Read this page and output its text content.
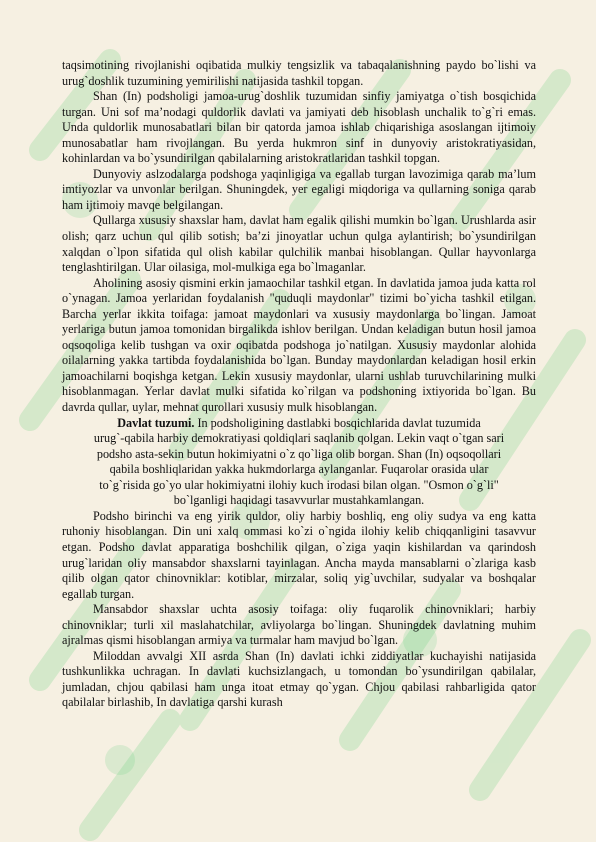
taqsimotining rivojlanishi oqibatida mulkiy tengsizlik va tabaqalanishning paydo bo`lishi va urug`doshlik tuzumining yemirilishi natijasida tashkil topgan.

Shan (In) podsholigi jamoa-urug`doshlik tuzumidan sinfiy jamiyatga o`tish bosqichida turgan. Uni sof ma’nodagi quldorlik davlati va jamiyati deb hisoblash unchalik to`g`ri emas. Unda quldorlik munosabatlari bilan bir qatorda jamoa ishlab chiqarishiga asoslangan ijtimoiy munosabatlar ham rivojlangan. Bu yerda hukmron sinf in dunyoviy aristokratiyasidan, kohinlardan va bo`ysundirilgan qabilalarning aristokratlaridan tashkil topgan.

Dunyoviy aslzodalarga podshoga yaqinligiga va egallab turgan lavozimiga qarab ma’lum imtiyozlar va unvonlar berilgan. Shuningdek, yer egaligi miqdoriga va qullarning soniga qarab ham ijtimoiy mavqe belgilangan.

Qullarga xususiy shaxslar ham, davlat ham egalik qilishi mumkin bo`lgan. Urushlarda asir olish; qarz uchun qul qilib sotish; ba’zi jinoyatlar uchun qulga aylantirish; bo`ysundirilgan xalqdan o`lpon sifatida qul olish kabilar qulchilik manbai hisoblangan. Qullar hayvonlarga tenglashtirilgan. Ular oilasiga, mol-mulkiga ega bo`lmaganlar.

Aholining asosiy qismini erkin jamaochilar tashkil etgan. In davlatida jamoa juda katta rol o`ynagan. Jamoa yerlaridan foydalanish "quduqli maydonlar" tizimi bo`yicha tashkil etilgan. Barcha yerlar ikkita toifaga: jamoat maydonlari va xususiy maydonlarga bo`lingan. Jamoat yerlariga butun jamoa tomonidan birgalikda ishlov berilgan. Undan keladigan butun hosil jamoa oqsoqoliga kelib tushgan va oxir oqibatda podshoga jo`natilgan. Xususiy maydonlar alohida oilalarning yakka tartibda foydalanishida bo`lgan. Bunday maydonlardan keladigan hosil erkin jamoachilarni boqishga ketgan. Lekin xususiy maydonlar, ularni ushlab turuvchilarining mulki hisoblanmagan. Yerlar davlat mulki sifatida ko`rilgan va podshoning ixtiyorida bo`lgan. Bu davrda qullar, uylar, mehnat qurollari xususiy mulk hisoblangan.

Davlat tuzumi. In podsholigining dastlabki bosqichlarida davlat tuzumida

urug`-qabila harbiy demokratiyasi qoldiqlari saqlanib qolgan. Lekin vaqt o`tgan sari

podsho asta-sekin butun hokimiyatni o`z qo`liga olib borgan. Shan (In) oqsoqollari

qabila boshliqlaridan yakka hukmdorlarga aylanganlar. Fuqarolar orasida ular

to`g`risida go`yo ular hokimiyatni ilohiy kuch irodasi bilan olgan. "Osmon o`g`li"

bo`lganligi haqidagi tasavvurlar mustahkamlangan.

Podsho birinchi va eng yirik quldor, oliy harbiy boshliq, eng oliy sudya va eng katta ruhoniy hisoblangan. Din uni xalq ommasi ko`zi o`ngida ilohiy kelib chiqqanligini tasavvur etgan. Podsho davlat apparatiga boshchilik qilgan, o`ziga yaqin kishilardan va qarindosh urug`laridan oliy mansabdor shaxslarni tayinlagan. Ancha mayda mansablarni o`zlariga kasb qilib olgan qator chinovniklar: kotiblar, mirzalar, soliq yig`uvchilar, sudyalar va boshqalar egallab turgan.

Mansabdor shaxslar uchta asosiy toifaga: oliy fuqarolik chinovniklari; harbiy chinovniklar; turli xil maslahatchilar, avliyolarga bo`lingan. Shuningdek davlatning muhim ajralmas qismi hisoblangan armiya va turmalar ham mavjud bo`lgan.

Miloddan avvalgi XII asrda Shan (In) davlati ichki ziddiyatlar kuchayishi natijasida tushkunlikka uchragan. In davlati kuchsizlangach, u tomondan bo`ysundirilgan qabilalar, jumladan, chjou qabilasi ham unga itoat etmay qo`ygan. Chjou qabilasi rahbarligida qator qabilalar birlashib, In davlatiga qarshi kurash
